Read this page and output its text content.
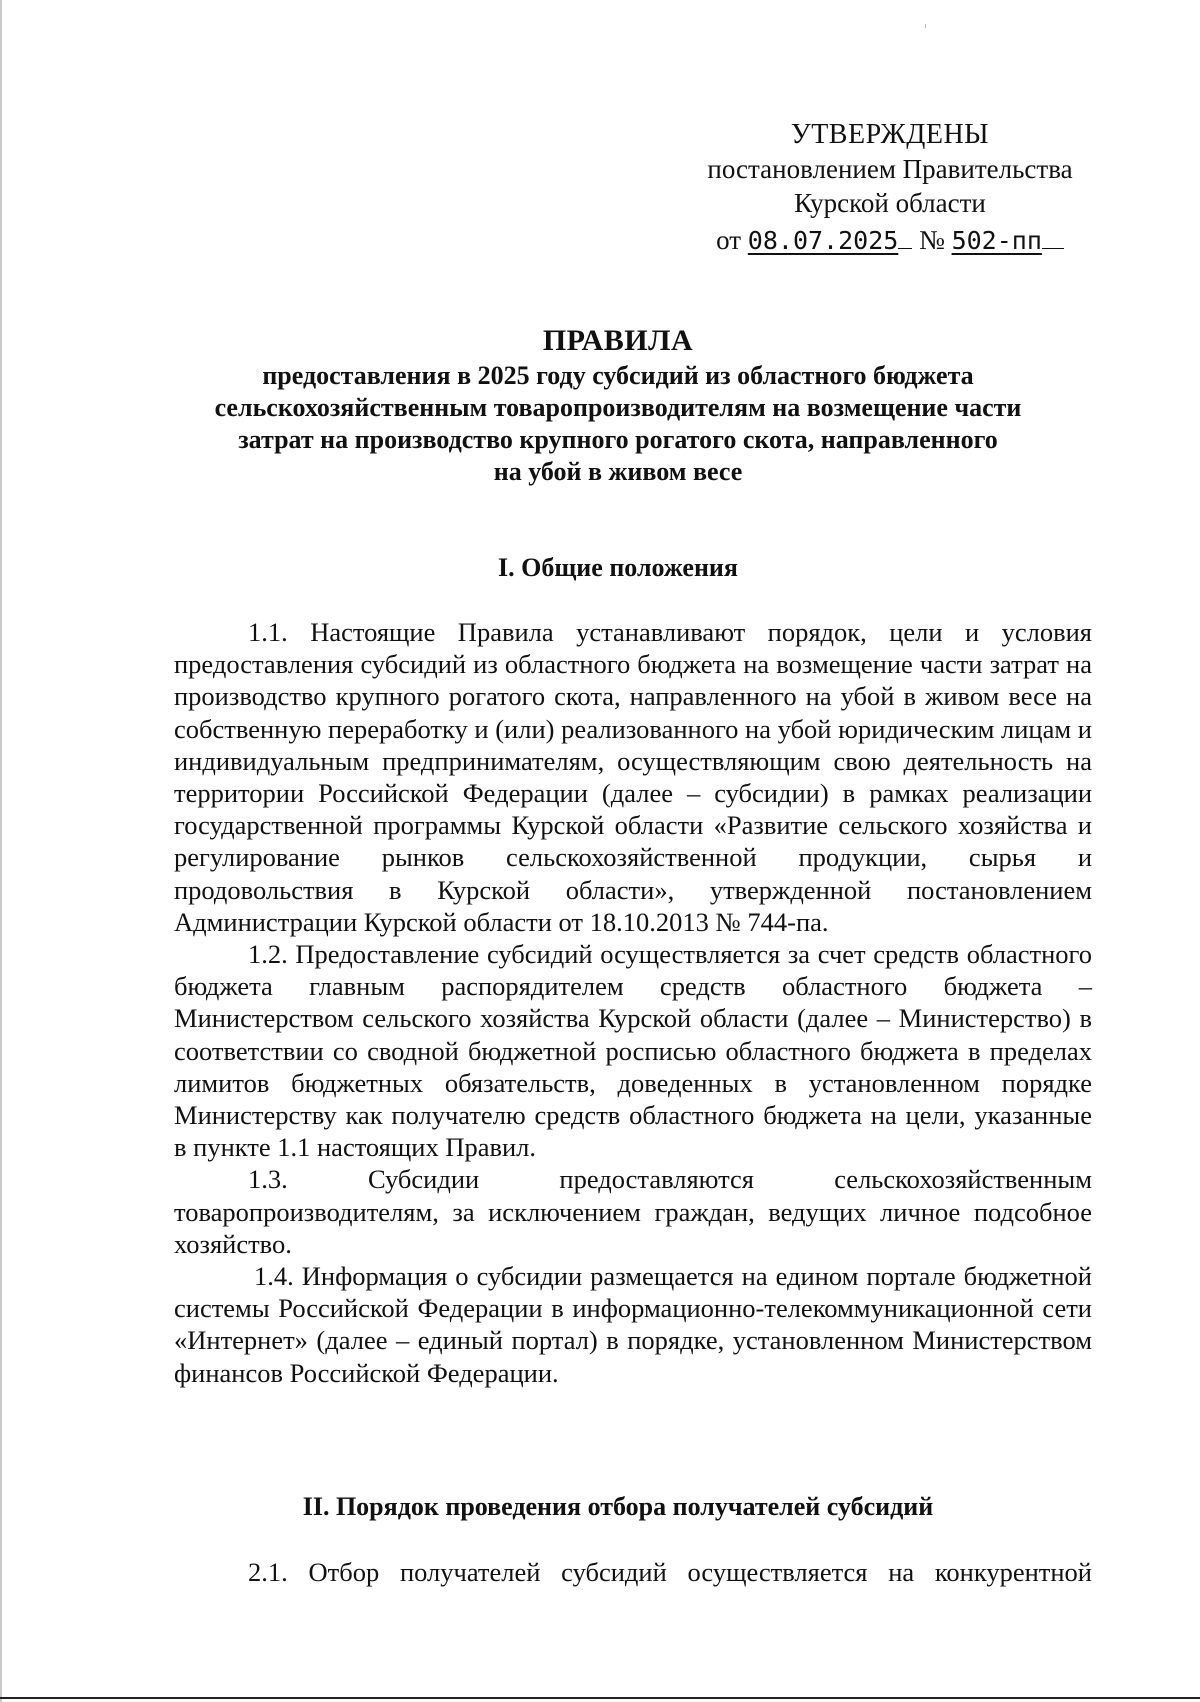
УТВЕРЖДЕНЫ
постановлением Правительства
Курской области
от 08.07.2025 № 502-пп
ПРАВИЛА
предоставления в 2025 году субсидий из областного бюджета
сельскохозяйственным товаропроизводителям на возмещение части
затрат на производство крупного рогатого скота, направленного
на убой в живом весе
I. Общие положения

1.1. Настоящие Правила устанавливают порядок, цели и условия предоставления субсидий из областного бюджета на возмещение части затрат на производство крупного рогатого скота, направленного на убой в живом весе на собственную переработку и (или) реализованного на убой юридическим лицам и индивидуальным предпринимателям, осуществляющим свою деятельность на территории Российской Федерации (далее – субсидии) в рамках реализации государственной программы Курской области «Развитие сельского хозяйства и регулирование рынков сельскохозяйственной продукции, сырья и продовольствия в Курской области», утвержденной постановлением Администрации Курской области от 18.10.2013 № 744-па.

1.2. Предоставление субсидий осуществляется за счет средств областного бюджета главным распорядителем средств областного бюджета – Министерством сельского хозяйства Курской области (далее – Министерство) в соответствии со сводной бюджетной росписью областного бюджета в пределах лимитов бюджетных обязательств, доведенных в установленном порядке Министерству как получателю средств областного бюджета на цели, указанные в пункте 1.1 настоящих Правил.

1.3. Субсидии предоставляются сельскохозяйственным товаропроизводителям, за исключением граждан, ведущих личное подсобное хозяйство.

1.4. Информация о субсидии размещается на едином портале бюджетной системы Российской Федерации в информационно-телекоммуникационной сети «Интернет» (далее – единый портал) в порядке, установленном Министерством финансов Российской Федерации.

II. Порядок проведения отбора получателей субсидий
2.1. Отбор получателей субсидий осуществляется на конкурентной
